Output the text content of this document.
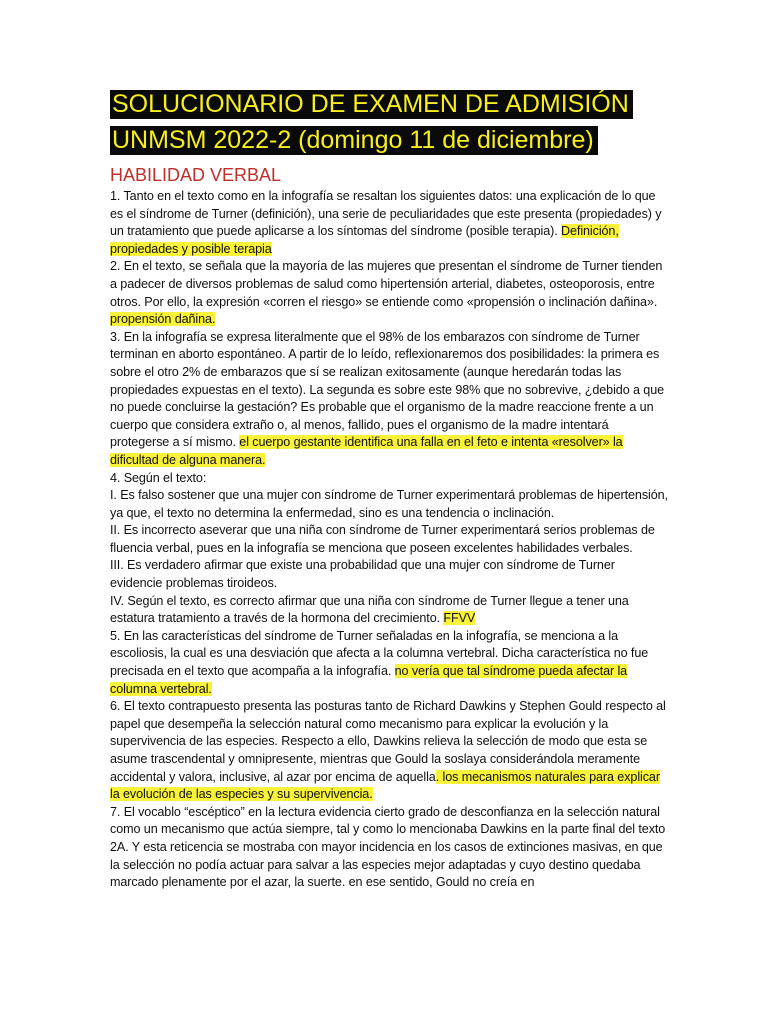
SOLUCIONARIO DE EXAMEN DE ADMISIÓN
UNMSM 2022-2 (domingo 11 de diciembre)
HABILIDAD VERBAL

1. Tanto en el texto como en la infografía se resaltan los siguientes datos: una explicación de lo que es el síndrome de Turner (definición), una serie de peculiaridades que este presenta (propiedades) y un tratamiento que puede aplicarse a los síntomas del síndrome (posible terapia). Definición, propiedades y posible terapia

2. En el texto, se señala que la mayoría de las mujeres que presentan el síndrome de Turner tienden a padecer de diversos problemas de salud como hipertensión arterial, diabetes, osteoporosis, entre otros. Por ello, la expresión «corren el riesgo» se entiende como «propensión o inclinación dañina». propensión dañina.

3. En la infografía se expresa literalmente que el 98% de los embarazos con síndrome de Turner terminan en aborto espontáneo. A partir de lo leído, reflexionaremos dos posibilidades: la primera es sobre el otro 2% de embarazos que sí se realizan exitosamente (aunque heredarán todas las propiedades expuestas en el texto). La segunda es sobre este 98% que no sobrevive, ¿debido a que no puede concluirse la gestación? Es probable que el organismo de la madre reaccione frente a un cuerpo que considera extraño o, al menos, fallido, pues el organismo de la madre intentará protegerse a sí mismo. el cuerpo gestante identifica una falla en el feto e intenta «resolver» la dificultad de alguna manera.

4. Según el texto:

I. Es falso sostener que una mujer con síndrome de Turner experimentará problemas de hipertensión, ya que, el texto no determina la enfermedad, sino es una tendencia o inclinación.

II. Es incorrecto aseverar que una niña con síndrome de Turner experimentará serios problemas de fluencia verbal, pues en la infografía se menciona que poseen excelentes habilidades verbales.

III. Es verdadero afirmar que existe una probabilidad que una mujer con síndrome de Turner evidencie problemas tiroideos.

IV. Según el texto, es correcto afirmar que una niña con síndrome de Turner llegue a tener una estatura tratamiento a través de la hormona del crecimiento. FFVV

5. En las características del síndrome de Turner señaladas en la infografía, se menciona a la escoliosis, la cual es una desviación que afecta a la columna vertebral. Dicha característica no fue precisada en el texto que acompaña a la infografía. no vería que tal síndrome pueda afectar la columna vertebral.

6. El texto contrapuesto presenta las posturas tanto de Richard Dawkins y Stephen Gould respecto al papel que desempeña la selección natural como mecanismo para explicar la evolución y la supervivencia de las especies. Respecto a ello, Dawkins relieva la selección de modo que esta se asume trascendental y omnipresente, mientras que Gould la soslaya considerándola meramente accidental y valora, inclusive, al azar por encima de aquella. los mecanismos naturales para explicar la evolución de las especies y su supervivencia.

7. El vocablo “escéptico” en la lectura evidencia cierto grado de desconfianza en la selección natural como un mecanismo que actúa siempre, tal y como lo mencionaba Dawkins en la parte final del texto 2A. Y esta reticencia se mostraba con mayor incidencia en los casos de extinciones masivas, en que la selección no podía actuar para salvar a las especies mejor adaptadas y cuyo destino quedaba marcado plenamente por el azar, la suerte. en ese sentido, Gould no creía en
